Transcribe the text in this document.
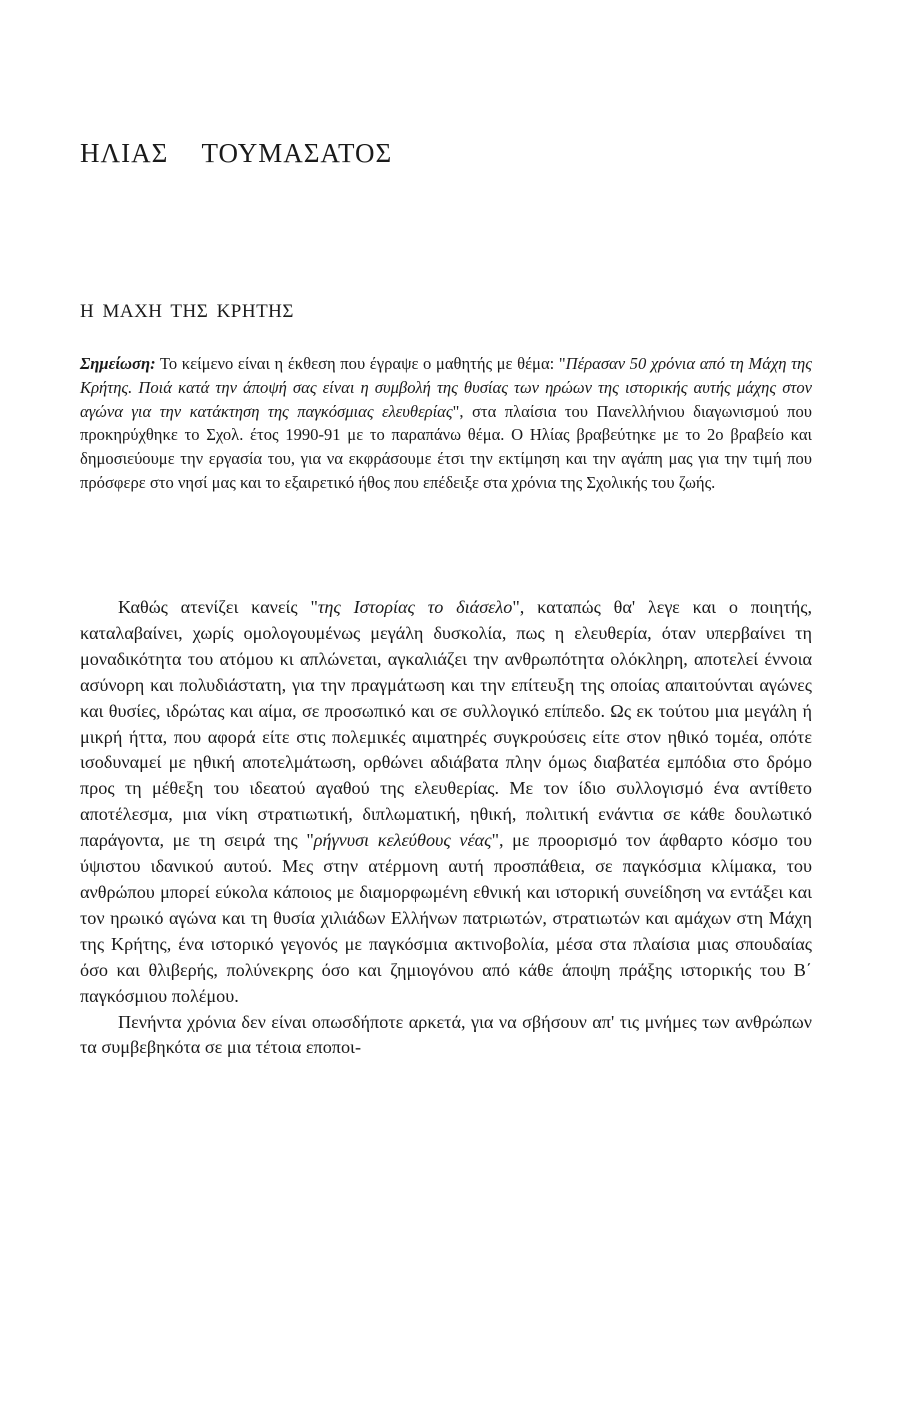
ΗΛΙΑΣ ΤΟΥΜΑΣΑΤΟΣ
Η ΜΑΧΗ ΤΗΣ ΚΡΗΤΗΣ

Σημείωση: Το κείμενο είναι η έκθεση που έγραψε ο μαθητής με θέμα: "Πέρασαν 50 χρόνια από τη Μάχη της Κρήτης. Ποιά κατά την άποψή σας είναι η συμβολή της θυσίας των ηρώων της ιστορικής αυτής μάχης στον αγώνα για την κατάκτηση της παγκόσμιας ελευθερίας", στα πλαίσια του Πανελλήνιου διαγωνισμού που προκηρύχθηκε το Σχολ. έτος 1990-91 με το παραπάνω θέμα. Ο Ηλίας βραβεύτηκε με το 2ο βραβείο και δημοσιεύουμε την εργασία του, για να εκφράσουμε έτσι την εκτίμηση και την αγάπη μας για την τιμή που πρόσφερε στο νησί μας και το εξαιρετικό ήθος που επέδειξε στα χρόνια της Σχολικής του ζωής.

Καθώς ατενίζει κανείς "της Ιστορίας το διάσελο", καταπώς θα' λεγε και ο ποιητής, καταλαβαίνει, χωρίς ομολογουμένως μεγάλη δυσκολία, πως η ελευθερία, όταν υπερβαίνει τη μοναδικότητα του ατόμου κι απλώνεται, αγκαλιάζει την ανθρωπότητα ολόκληρη, αποτελεί έννοια ασύνορη και πολυδιάστατη, για την πραγμάτωση και την επίτευξη της οποίας απαιτούνται αγώνες και θυσίες, ιδρώτας και αίμα, σε προσωπικό και σε συλλογικό επίπεδο. Ως εκ τούτου μια μεγάλη ή μικρή ήττα, που αφορά είτε στις πολεμικές αιματηρές συγκρούσεις είτε στον ηθικό τομέα, οπότε ισοδυναμεί με ηθική αποτελμάτωση, ορθώνει αδιάβατα πλην όμως διαβατέα εμπόδια στο δρόμο προς τη μέθεξη του ιδεατού αγαθού της ελευθερίας. Με τον ίδιο συλλογισμό ένα αντίθετο αποτέλεσμα, μια νίκη στρατιωτική, διπλωματική, ηθική, πολιτική ενάντια σε κάθε δουλωτικό παράγοντα, με τη σειρά της "ρήγνυσι κελεύθους νέας", με προορισμό τον άφθαρτο κόσμο του ύψιστου ιδανικού αυτού. Μες στην ατέρμονη αυτή προσπάθεια, σε παγκόσμια κλίμακα, του ανθρώπου μπορεί εύκολα κάποιος με διαμορφωμένη εθνική και ιστορική συνείδηση να εντάξει και τον ηρωικό αγώνα και τη θυσία χιλιάδων Ελλήνων πατριωτών, στρατιωτών και αμάχων στη Μάχη της Κρήτης, ένα ιστορικό γεγονός με παγκόσμια ακτινοβολία, μέσα στα πλαίσια μιας σπουδαίας όσο και θλιβερής, πολύνεκρης όσο και ζημιογόνου από κάθε άποψη πράξης ιστορικής του Β΄ παγκόσμιου πολέμου.

Πενήντα χρόνια δεν είναι οπωσδήποτε αρκετά, για να σβήσουν απ' τις μνήμες των ανθρώπων τα συμβεβηκότα σε μια τέτοια εποποι-
